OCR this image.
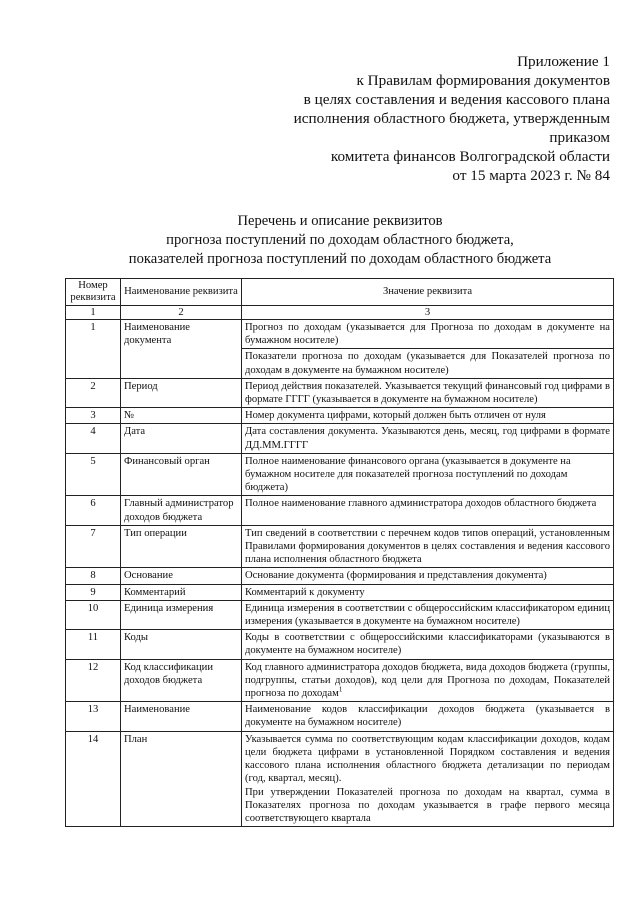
Приложение 1
к Правилам формирования документов
в целях составления и ведения кассового плана
исполнения областного бюджета, утвержденным
приказом
комитета финансов Волгоградской области
от 15 марта 2023 г. № 84
Перечень и описание реквизитов
прогноза поступлений по доходам областного бюджета,
показателей прогноза поступлений по доходам областного бюджета
Номер реквизита	Наименование реквизита	Значение реквизита
1	2	3
1	Наименование документа	Прогноз по доходам (указывается для Прогноза по доходам в документе на бумажном носителе)
		Показатели прогноза по доходам (указывается для Показателей прогноза по доходам в документе на бумажном носителе)
2	Период	Период действия показателей. Указывается текущий финансовый год цифрами в формате ГГГГ (указывается в документе на бумажном носителе)
3	№	Номер документа цифрами, который должен быть отличен от нуля
4	Дата	Дата составления документа. Указываются день, месяц, год цифрами в формате ДД.ММ.ГГГГ
5	Финансовый орган	Полное наименование финансового органа (указывается в документе на бумажном носителе для показателей прогноза поступлений по доходам бюджета)
6	Главный администратор доходов бюджета	Полное наименование главного администратора доходов областного бюджета
7	Тип операции	Тип сведений в соответствии с перечнем кодов типов операций, установленным Правилами формирования документов в целях составления и ведения кассового плана исполнения областного бюджета
8	Основание	Основание документа (формирования и представления документа)
9	Комментарий	Комментарий к документу
10	Единица измерения	Единица измерения в соответствии с общероссийским классификатором единиц измерения (указывается в документе на бумажном носителе)
11	Коды	Коды в соответствии с общероссийскими классификаторами (указываются в документе на бумажном носителе)
12	Код классификации доходов бюджета	Код главного администратора доходов бюджета, вида доходов бюджета (группы, подгруппы, статьи доходов), код цели для Прогноза по доходам, Показателей прогноза по доходам$^1$
13	Наименование	Наименование кодов классификации доходов бюджета (указывается в документе на бумажном носителе)
14	План	Указывается сумма по соответствующим кодам классификации доходов, кодам цели бюджета цифрами в установленной Порядком составления и ведения кассового плана исполнения областного бюджета детализации по периодам (год, квартал, месяц).
При утверждении Показателей прогноза по доходам на квартал, сумма в Показателях прогноза по доходам указывается в графе первого месяца соответствующего квартала
